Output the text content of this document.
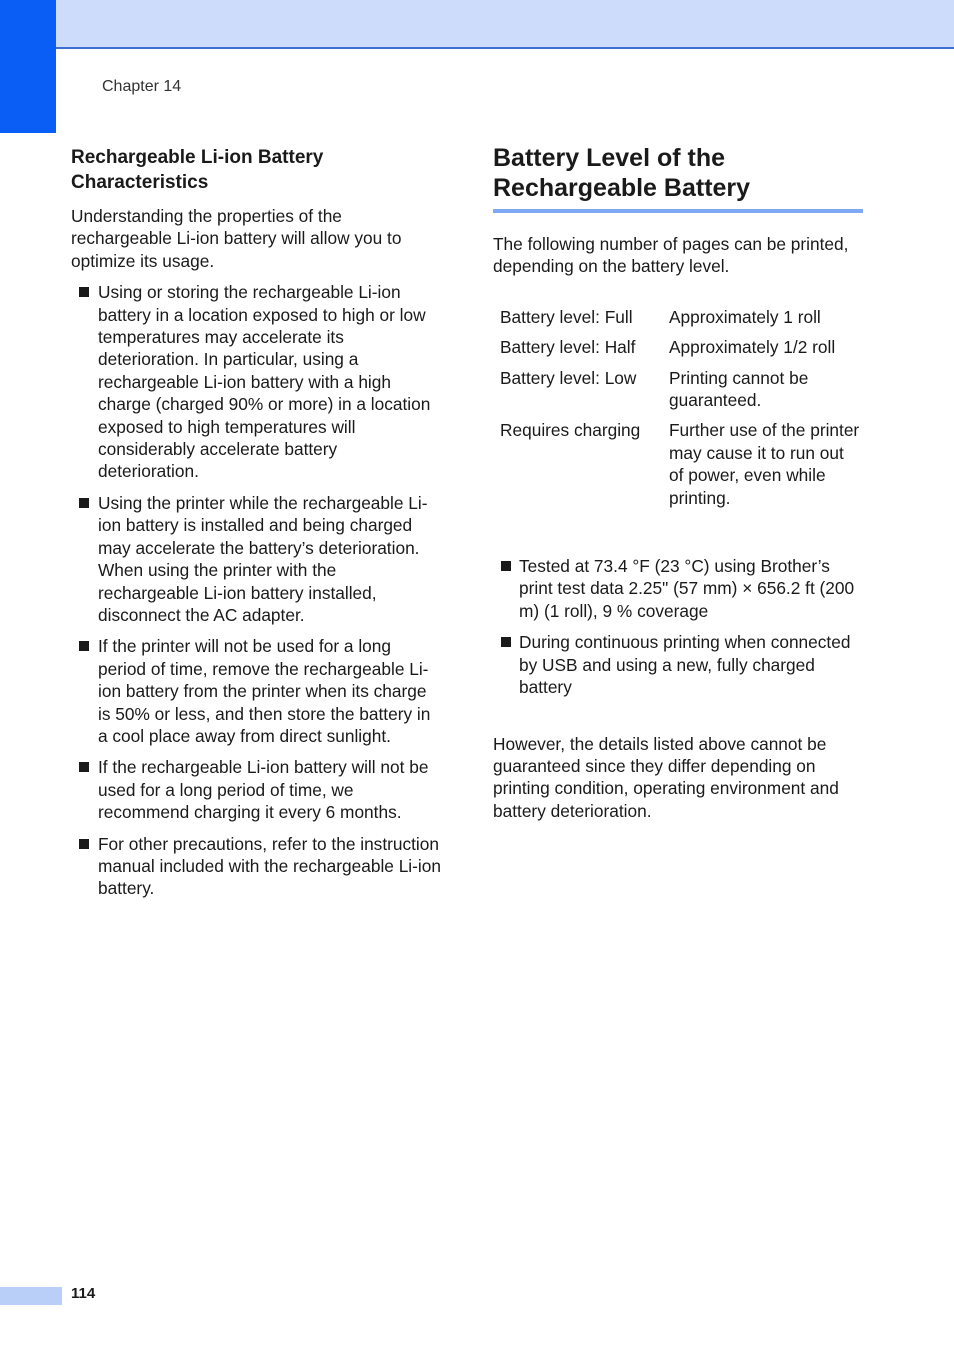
Chapter 14
Rechargeable Li-ion Battery Characteristics

Understanding the properties of the rechargeable Li-ion battery will allow you to optimize its usage.

Using or storing the rechargeable Li-ion battery in a location exposed to high or low temperatures may accelerate its deterioration. In particular, using a rechargeable Li-ion battery with a high charge (charged 90% or more) in a location exposed to high temperatures will considerably accelerate battery deterioration.
Using the printer while the rechargeable Li-ion battery is installed and being charged may accelerate the battery’s deterioration. When using the printer with the rechargeable Li-ion battery installed, disconnect the AC adapter.
If the printer will not be used for a long period of time, remove the rechargeable Li-ion battery from the printer when its charge is 50% or less, and then store the battery in a cool place away from direct sunlight.
If the rechargeable Li-ion battery will not be used for a long period of time, we recommend charging it every 6 months.
For other precautions, refer to the instruction manual included with the rechargeable Li-ion battery.
Battery Level of the Rechargeable Battery

The following number of pages can be printed, depending on the battery level.

Battery level: Full	Approximately 1 roll
Battery level: Half	Approximately 1/2 roll
Battery level: Low	Printing cannot be guaranteed.
Requires charging	Further use of the printer may cause it to run out of power, even while printing.
Tested at 73.4 °F (23 °C) using Brother’s print test data 2.25" (57 mm) × 656.2 ft (200 m) (1 roll), 9 % coverage
During continuous printing when connected by USB and using a new, fully charged battery

However, the details listed above cannot be guaranteed since they differ depending on printing condition, operating environment and battery deterioration.

114
